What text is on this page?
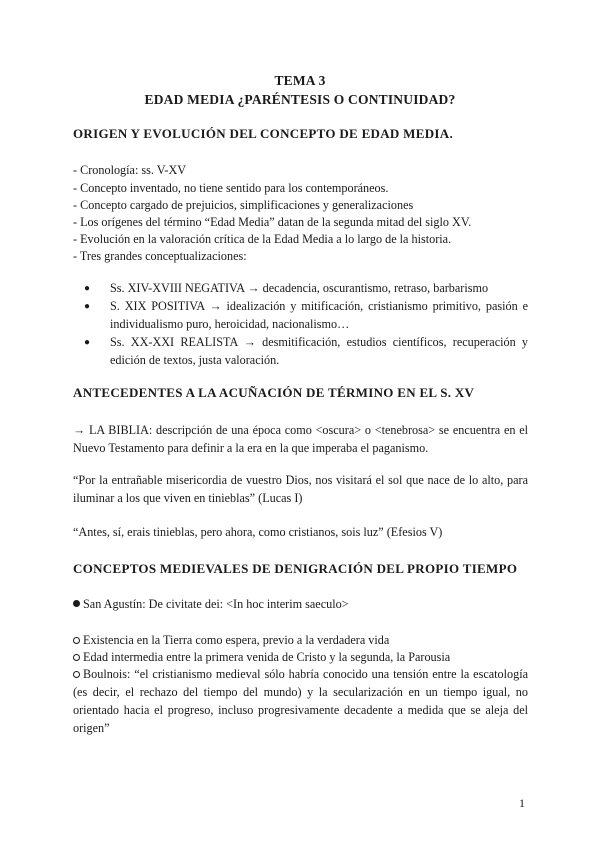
TEMA 3
EDAD MEDIA ¿PARÉNTESIS O CONTINUIDAD?
ORIGEN Y EVOLUCIÓN DEL CONCEPTO DE EDAD MEDIA.
- Cronología: ss. V-XV
- Concepto inventado, no tiene sentido para los contemporáneos.
- Concepto cargado de prejuicios, simplificaciones y generalizaciones
- Los orígenes del término “Edad Media” datan de la segunda mitad del siglo XV.
- Evolución en la valoración crítica de la Edad Media a lo largo de la historia.
- Tres grandes conceptualizaciones:
● Ss. XIV-XVIII NEGATIVA → decadencia, oscurantismo, retraso, barbarismo
● S. XIX POSITIVA → idealización y mitificación, cristianismo primitivo, pasión e individualismo puro, heroicidad, nacionalismo…
● Ss. XX-XXI REALISTA → desmitificación, estudios científicos, recuperación y edición de textos, justa valoración.
ANTECEDENTES A LA ACUÑACIÓN DE TÉRMINO EN EL S. XV
→ LA BIBLIA: descripción de una época como <oscura> o <tenebrosa> se encuentra en el Nuevo Testamento para definir a la era en la que imperaba el paganismo.
“Por la entrañable misericordia de vuestro Dios, nos visitará el sol que nace de lo alto, para iluminar a los que viven en tinieblas” (Lucas I)
“Antes, sí, erais tinieblas, pero ahora, como cristianos, sois luz” (Efesios V)
CONCEPTOS MEDIEVALES DE DENIGRACIÓN DEL PROPIO TIEMPO
San Agustín: De civitate dei: <In hoc interim saeculo>
Existencia en la Tierra como espera, previo a la verdadera vida
Edad intermedia entre la primera venida de Cristo y la segunda, la Parousia
Boulnois: “el cristianismo medieval sólo habría conocido una tensión entre la escatología (es decir, el rechazo del tiempo del mundo) y la secularización en un tiempo igual, no orientado hacia el progreso, incluso progresivamente decadente a medida que se aleja del origen”
1
